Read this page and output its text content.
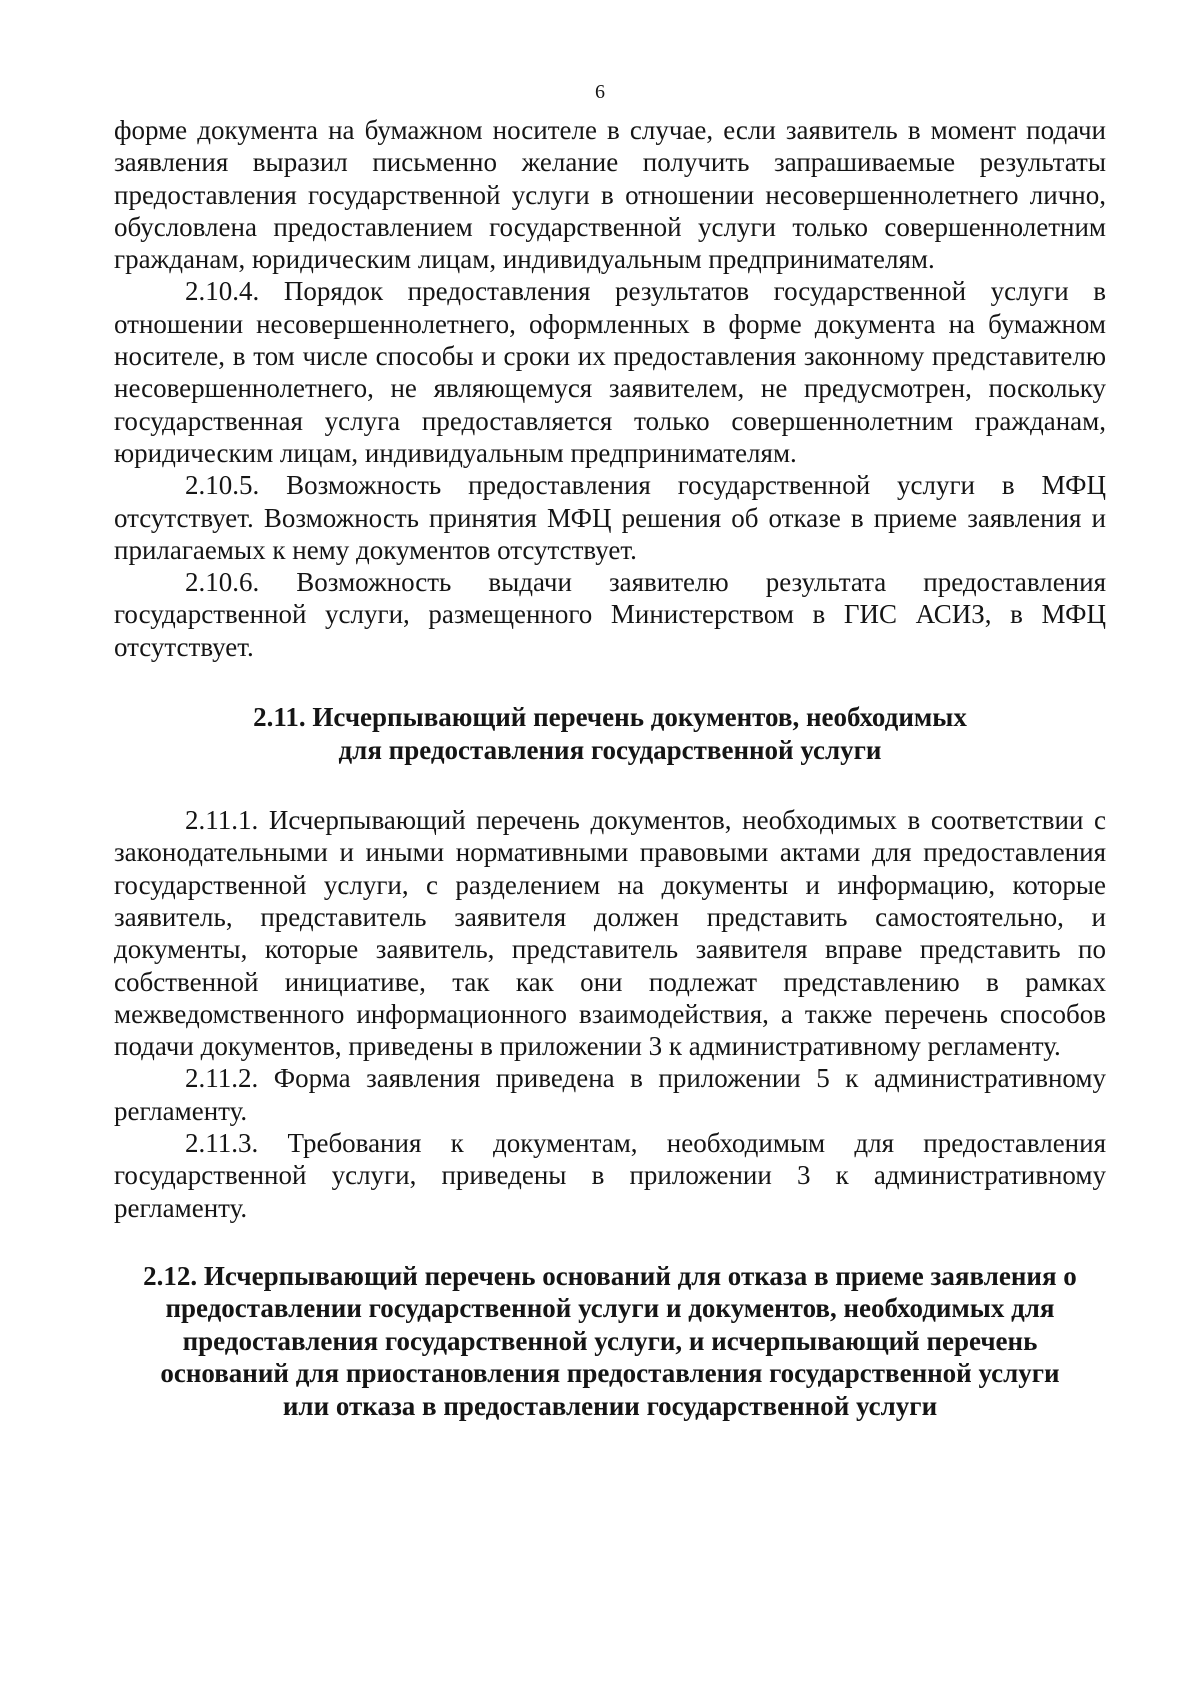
6

форме документа на бумажном носителе в случае, если заявитель в момент подачи заявления выразил письменно желание получить запрашиваемые результаты предоставления государственной услуги в отношении несовершеннолетнего лично, обусловлена предоставлением государственной услуги только совершеннолетним гражданам, юридическим лицам, индивидуальным предпринимателям.

2.10.4. Порядок предоставления результатов государственной услуги в отношении несовершеннолетнего, оформленных в форме документа на бумажном носителе, в том числе способы и сроки их предоставления законному представителю несовершеннолетнего, не являющемуся заявителем, не предусмотрен, поскольку государственная услуга предоставляется только совершеннолетним гражданам, юридическим лицам, индивидуальным предпринимателям.

2.10.5. Возможность предоставления государственной услуги в МФЦ отсутствует. Возможность принятия МФЦ решения об отказе в приеме заявления и прилагаемых к нему документов отсутствует.

2.10.6. Возможность выдачи заявителю результата предоставления государственной услуги, размещенного Министерством в ГИС АСИЗ, в МФЦ отсутствует.

2.11. Исчерпывающий перечень документов, необходимых
для предоставления государственной услуги

2.11.1. Исчерпывающий перечень документов, необходимых в соответствии с законодательными и иными нормативными правовыми актами для предоставления государственной услуги, с разделением на документы и информацию, которые заявитель, представитель заявителя должен представить самостоятельно, и документы, которые заявитель, представитель заявителя вправе представить по собственной инициативе, так как они подлежат представлению в рамках межведомственного информационного взаимодействия, а также перечень способов подачи документов, приведены в приложении 3 к административному регламенту.

2.11.2. Форма заявления приведена в приложении 5 к административному регламенту.

2.11.3. Требования к документам, необходимым для предоставления государственной услуги, приведены в приложении 3 к административному регламенту.

2.12. Исчерпывающий перечень оснований для отказа в приеме заявления о
предоставлении государственной услуги и документов, необходимых для
предоставления государственной услуги, и исчерпывающий перечень
оснований для приостановления предоставления государственной услуги
или отказа в предоставлении государственной услуги
